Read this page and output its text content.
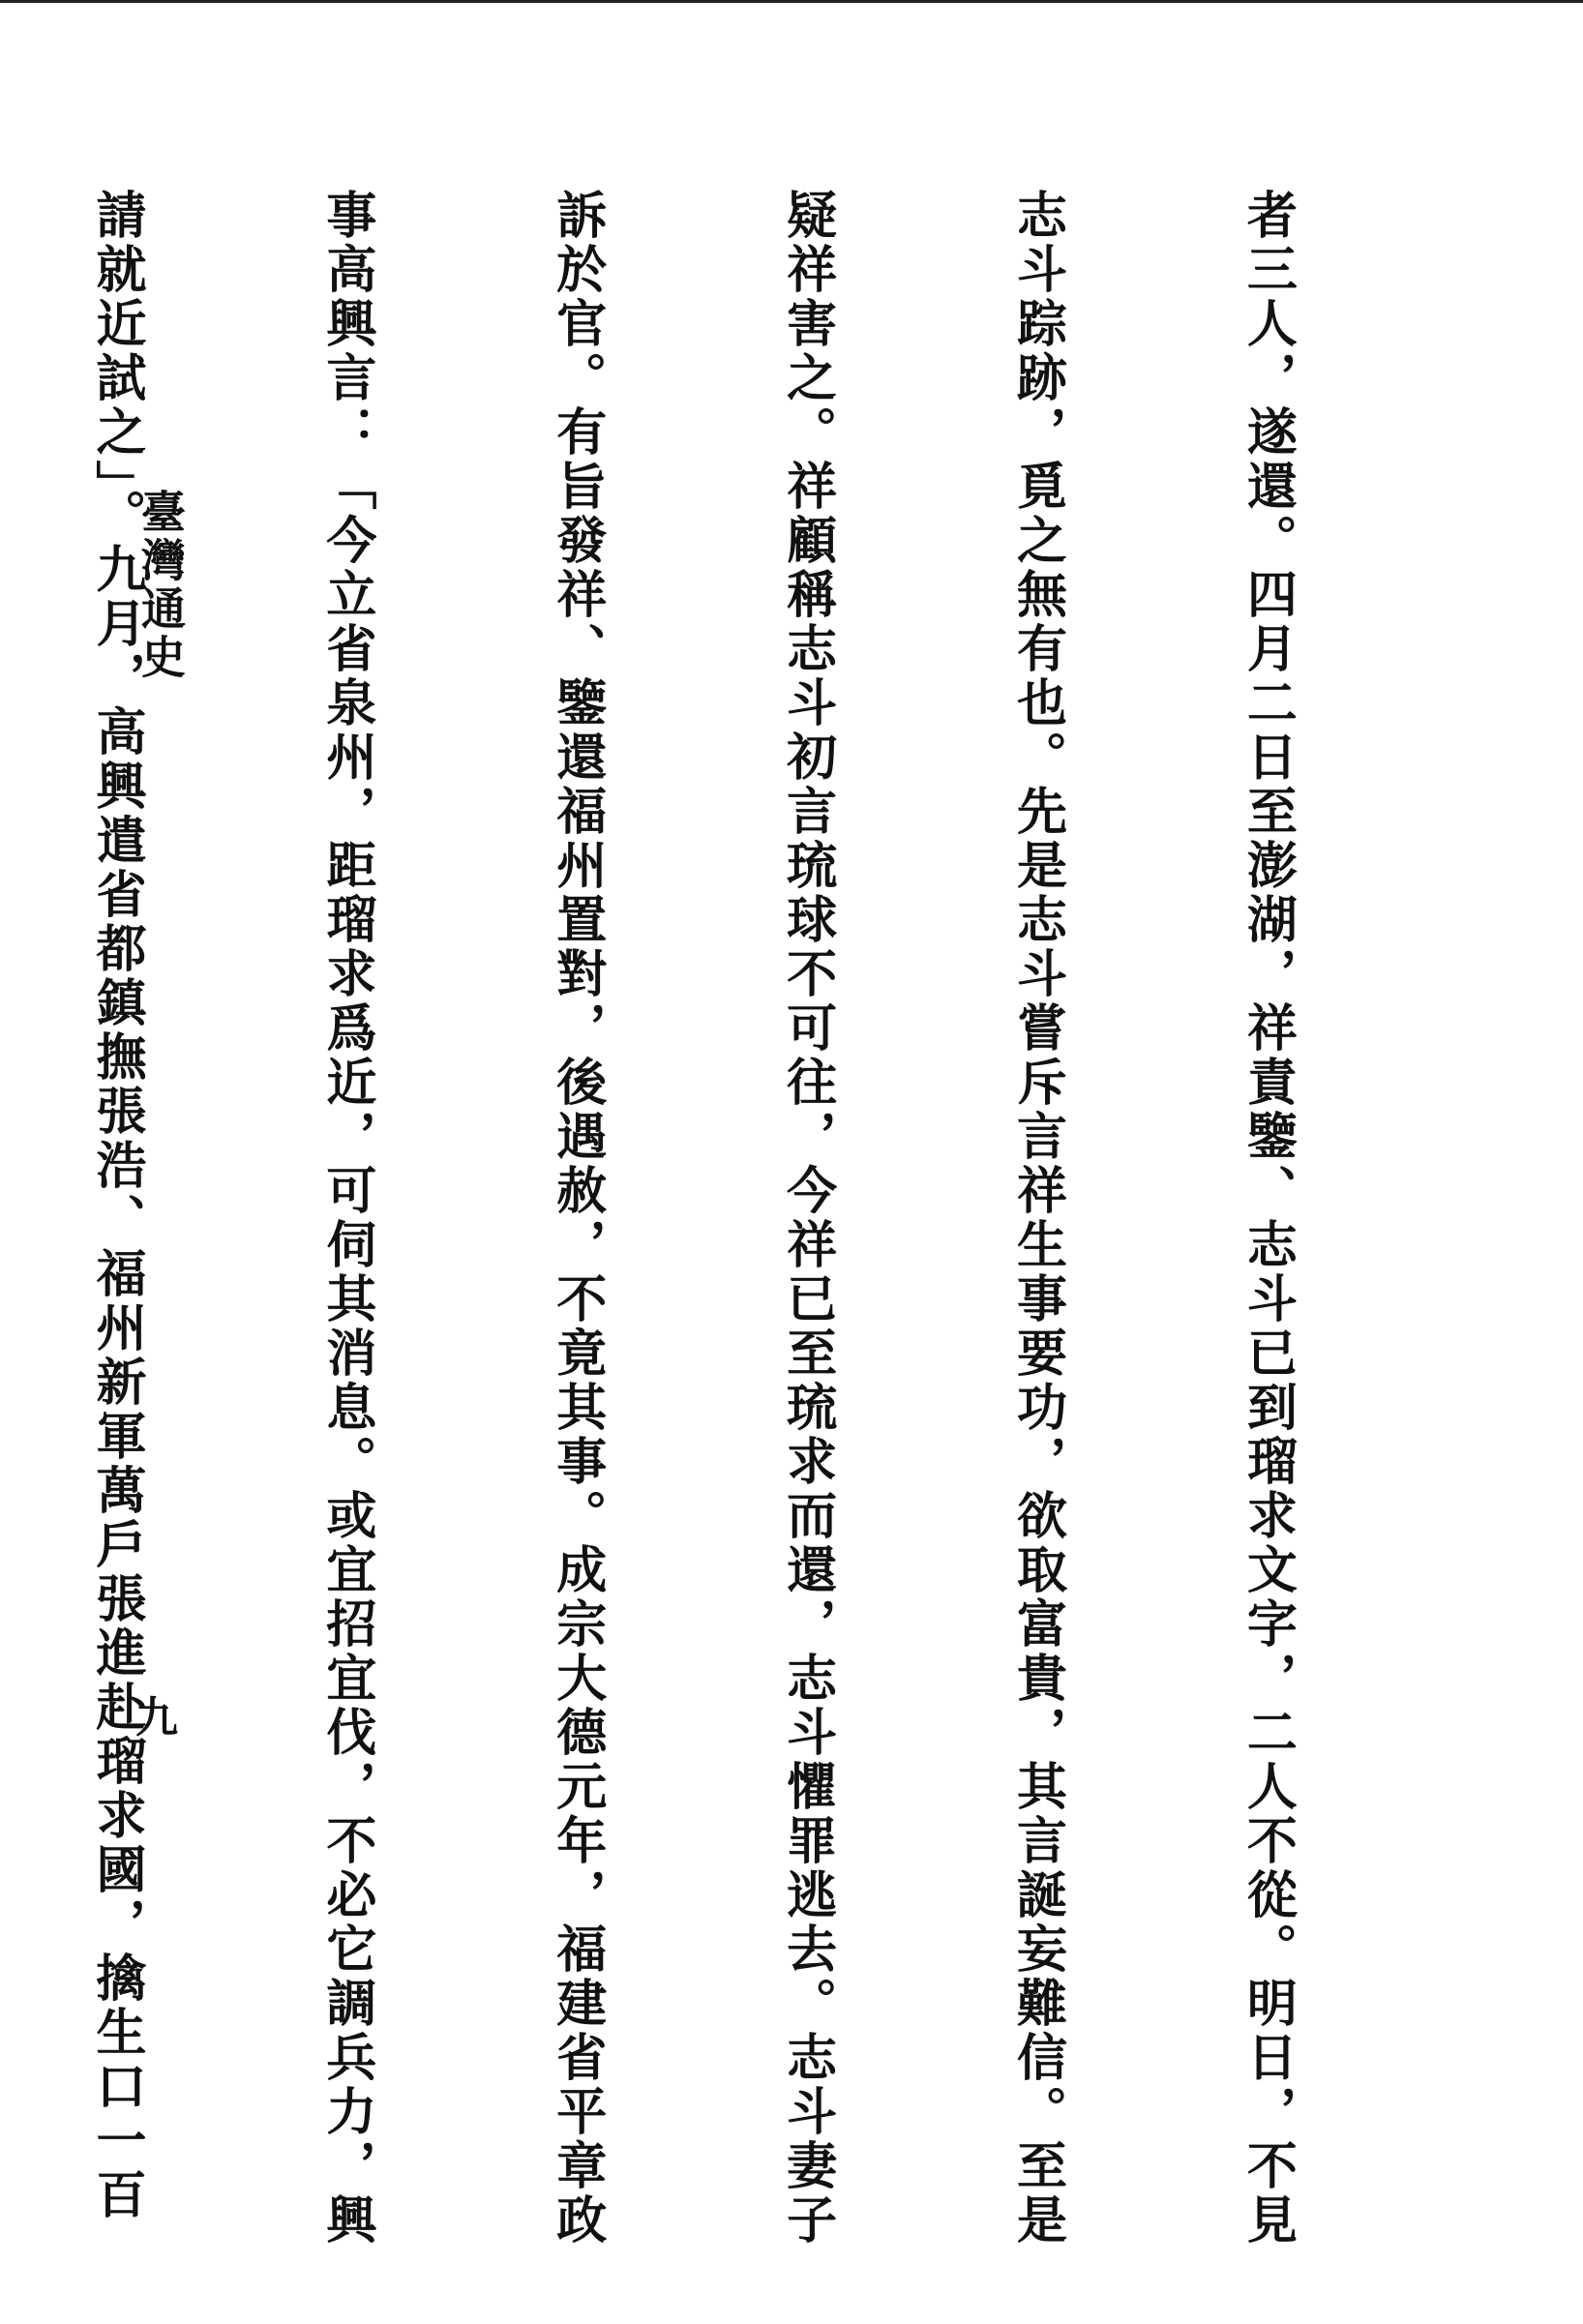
者三人，遂還。四月二日至澎湖，祥責鑒、志斗已到瑠求文字，二人不從。明日，不見

志斗踪跡，覓之無有也。先是志斗嘗斥言祥生事要功，欲取富貴，其言誕妄難信。至是

疑祥害之。祥顧稱志斗初言琉球不可往，今祥已至琉求而還，志斗懼罪逃去。志斗妻子

訴於官。有旨發祥、鑒還福州置對，後遇赦，不竟其事。成宗大德元年，福建省平章政

事高興言：「今立省泉州，距瑠求爲近，可伺其消息。或宜招宜伐，不必它調兵力，興

請就近試之」。九月，高興遣省都鎮撫張浩、福州新軍萬戶張進赴瑠求國，擒生口一百

臺灣通史
九
